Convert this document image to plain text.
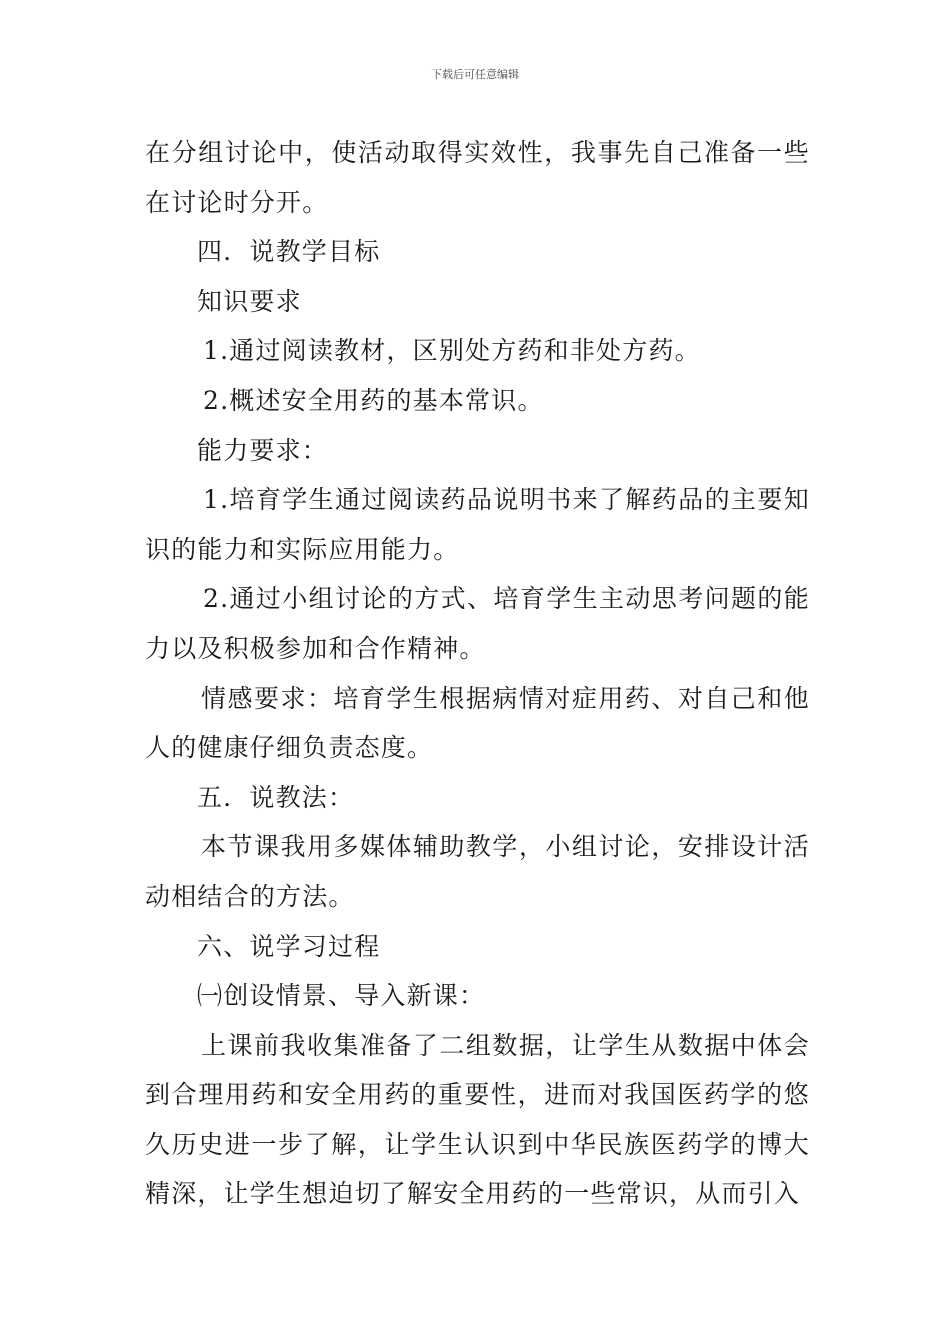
下载后可任意编辑

在分组讨论中，使活动取得实效性，我事先自己准备一些在讨论时分开。

四．说教学目标

知识要求

1.通过阅读教材，区别处方药和非处方药。

2.概述安全用药的基本常识。

能力要求：

1.培育学生通过阅读药品说明书来了解药品的主要知识的能力和实际应用能力。

2.通过小组讨论的方式、培育学生主动思考问题的能力以及积极参加和合作精神。

情感要求：培育学生根据病情对症用药、对自己和他人的健康仔细负责态度。

五．说教法：

本节课我用多媒体辅助教学，小组讨论，安排设计活动相结合的方法。

六、说学习过程

㈠创设情景、导入新课：

上课前我收集准备了二组数据，让学生从数据中体会到合理用药和安全用药的重要性，进而对我国医药学的悠久历史进一步了解，让学生认识到中华民族医药学的博大精深，让学生想迫切了解安全用药的一些常识，从而引入
